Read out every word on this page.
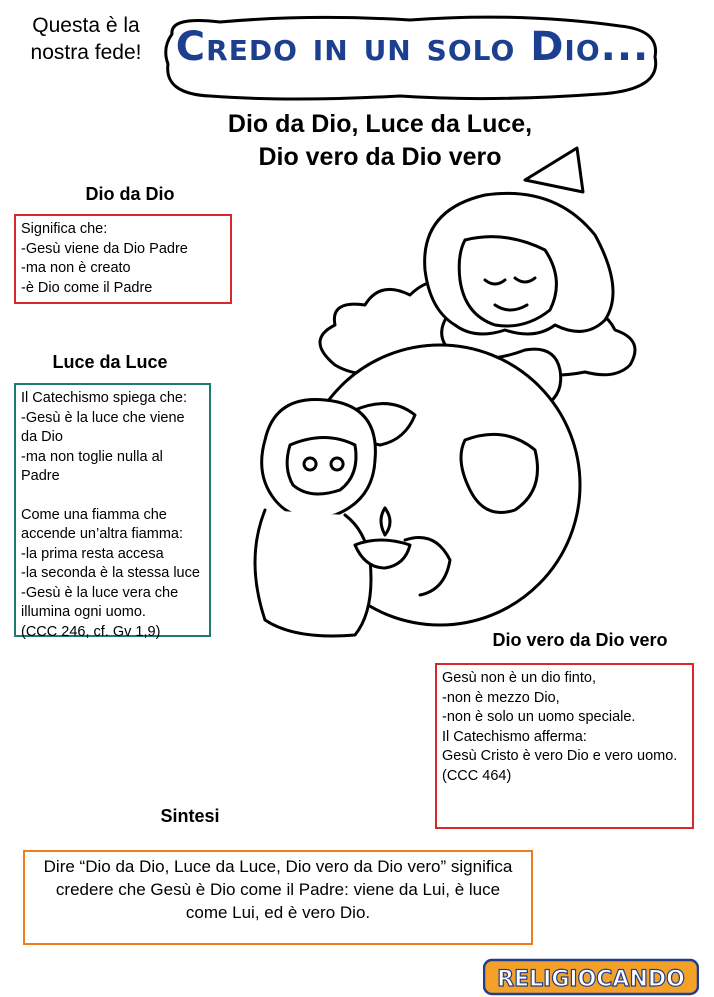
Questa è la
nostra fede! Credo in un solo Dio...
Dio da Dio, Luce da Luce,
Dio vero da Dio vero
Dio da Dio

Significa che:

-Gesù viene da Dio Padre

-ma non è creato

-è Dio come il Padre

Luce da Luce

Il Catechismo spiega che:

-Gesù è la luce che viene da Dio

-ma non toglie nulla al Padre

Come una fiamma che accende un’altra fiamma:

-la prima resta accesa

-la seconda è la stessa luce

-Gesù è la luce vera che illumina ogni uomo.

(CCC 246, cf. Gv 1,9)	Dio vero da Dio vero

Gesù non è un dio finto,

-non è mezzo Dio,

-non è solo un uomo speciale.

Il Catechismo afferma:

Gesù Cristo è vero Dio e vero uomo.

(CCC 464)

Sintesi

Dire “Dio da Dio, Luce da Luce, Dio vero da Dio vero” significa credere che Gesù è Dio come il Padre: viene da Lui, è luce come Lui, ed è vero Dio.

RELIGIOCANDO
